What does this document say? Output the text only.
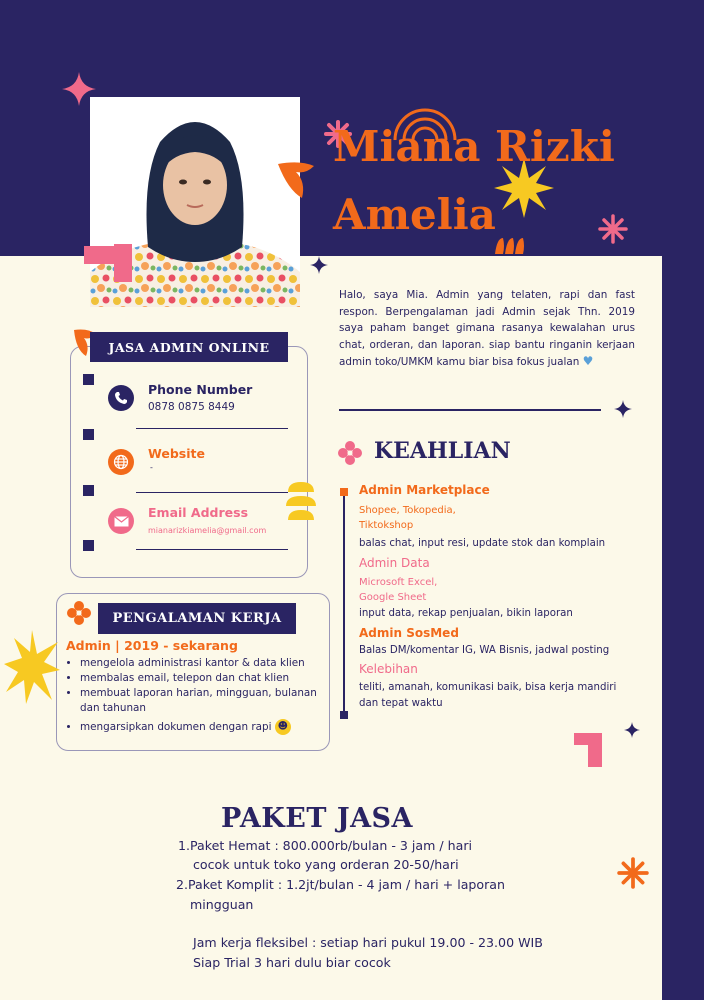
Miana Rizki
Amelia
Halo, saya Mia. Admin yang telaten, rapi dan fast respon. Berpengalaman jadi Admin sejak Thn. 2019 saya paham banget gimana rasanya kewalahan urus chat, orderan, dan laporan. siap bantu ringanin kerjaan admin toko/UMKM kamu biar bisa fokus jualan ♥
KEAHLIAN
Admin Marketplace
Shopee, Tokopedia,
Tiktokshop
balas chat, input resi, update stok dan komplain
Admin Data
Microsoft Excel,
Google Sheet
input data, rekap penjualan, bikin laporan
Admin SosMed
Balas DM/komentar IG, WA Bisnis, jadwal posting
Kelebihan
teliti, amanah, komunikasi baik, bisa kerja mandiri
dan tepat waktu
JASA ADMIN ONLINE
Phone Number
0878 0875 8449
Website
-
Email Address
mianarizkiamelia@gmail.com
PENGALAMAN KERJA
Admin | 2019 - sekarang
• mengelola administrasi kantor & data klien
• membalas email, telepon dan chat klien
• membuat laporan harian, mingguan, bulanan dan tahunan
• mengarsipkan dokumen dengan rapi ☻
PAKET JASA
1.Paket Hemat : 800.000rb/bulan - 3 jam / hari
cocok untuk toko yang orderan 20-50/hari
2.Paket Komplit : 1.2jt/bulan - 4 jam / hari + laporan
mingguan
Jam kerja fleksibel : setiap hari pukul 19.00 - 23.00 WIB
Siap Trial 3 hari dulu biar cocok
